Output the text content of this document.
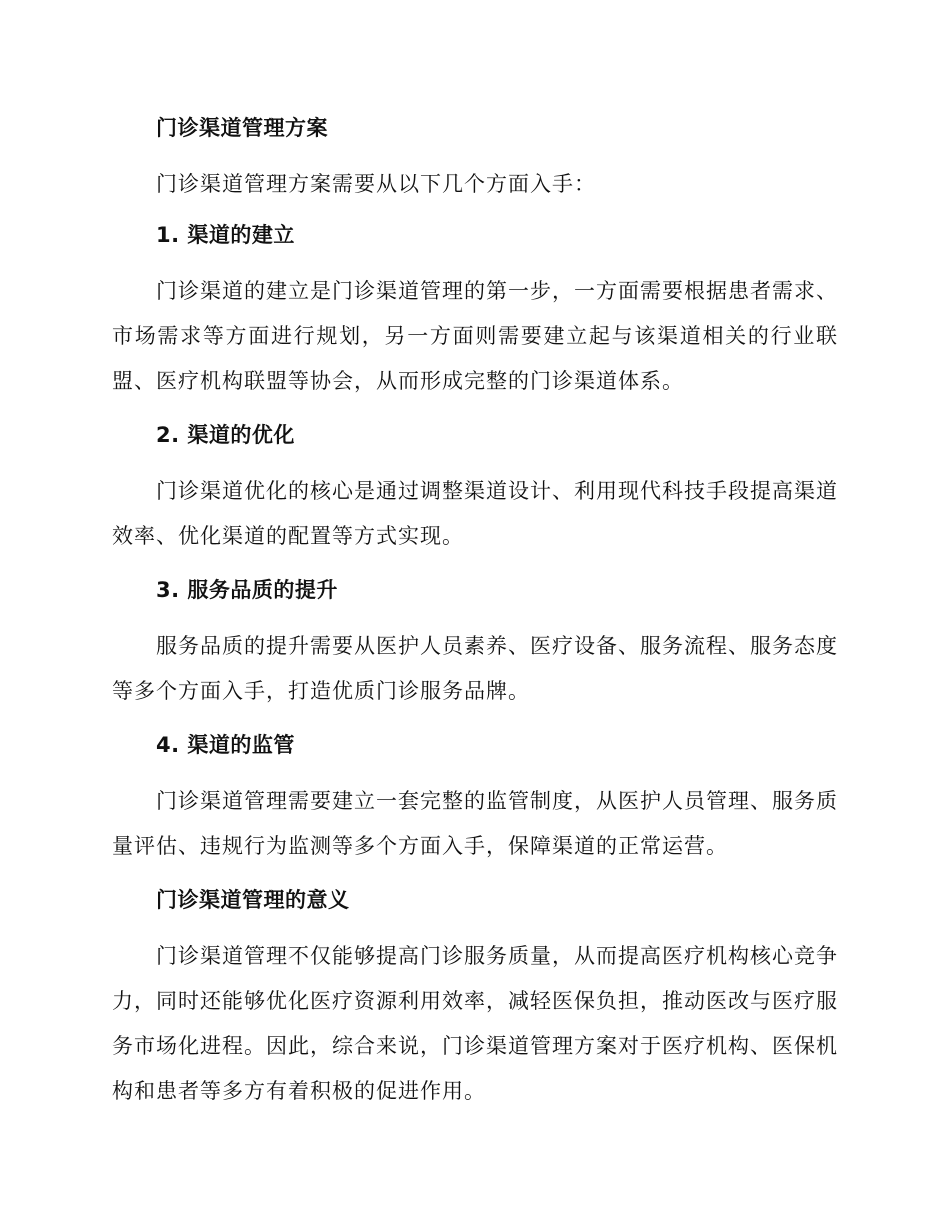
门诊渠道管理方案

门诊渠道管理方案需要从以下几个方面入手：

1. 渠道的建立

门诊渠道的建立是门诊渠道管理的第一步，一方面需要根据患者需求、市场需求等方面进行规划，另一方面则需要建立起与该渠道相关的行业联盟、医疗机构联盟等协会，从而形成完整的门诊渠道体系。

2. 渠道的优化

门诊渠道优化的核心是通过调整渠道设计、利用现代科技手段提高渠道效率、优化渠道的配置等方式实现。

3. 服务品质的提升

服务品质的提升需要从医护人员素养、医疗设备、服务流程、服务态度等多个方面入手，打造优质门诊服务品牌。

4. 渠道的监管

门诊渠道管理需要建立一套完整的监管制度，从医护人员管理、服务质量评估、违规行为监测等多个方面入手，保障渠道的正常运营。

门诊渠道管理的意义

门诊渠道管理不仅能够提高门诊服务质量，从而提高医疗机构核心竞争力，同时还能够优化医疗资源利用效率，减轻医保负担，推动医改与医疗服务市场化进程。因此，综合来说，门诊渠道管理方案对于医疗机构、医保机构和患者等多方有着积极的促进作用。
